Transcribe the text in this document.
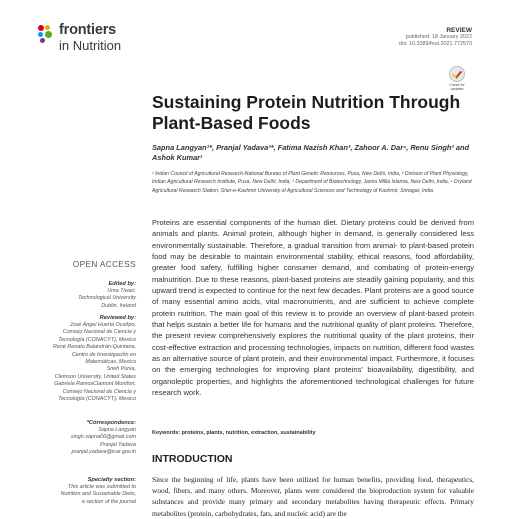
frontiers
in Nutrition
REVIEW
published: 18 January 2022
doi: 10.3389/fnut.2021.772573
Check for updates
Sustaining Protein Nutrition Through Plant-Based Foods
Sapna Langyan¹*, Pranjal Yadava²*, Fatima Nazish Khan³, Zahoor A. Dar⁴, Renu Singh² and Ashok Kumar¹
¹ Indian Council of Agricultural Research-National Bureau of Plant Genetic Resources, Pusa, New Delhi, India, ² Division of Plant Physiology, Indian Agricultural Research Institute, Pusa, New Delhi, India, ³ Department of Biotechnology, Jamia Millia Islamia, New Delhi, India, ⁴ Dryland Agricultural Research Station, Sher-e-Kashmir University of Agricultural Sciences and Technology of Kashmir, Srinagar, India
Proteins are essential components of the human diet. Dietary proteins could be derived from animals and plants. Animal protein, although higher in demand, is generally considered less environmentally sustainable. Therefore, a gradual transition from animal- to plant-based protein food may be desirable to maintain environmental stability, ethical reasons, food affordability, greater food safety, fulfilling higher consumer demand, and combating of protein-energy malnutrition. Due to these reasons, plant-based proteins are steadily gaining popularity, and this upward trend is expected to continue for the next few decades. Plant proteins are a good source of many essential amino acids, vital macronutrients, and are sufficient to achieve complete protein nutrition. The main goal of this review is to provide an overview of plant-based protein that helps sustain a better life for humans and the nutritional quality of plant proteins. Therefore, the present review comprehensively explores the nutritional quality of the plant proteins, their cost-effective extraction and processing technologies, impacts on nutrition, different food wastes as an alternative source of plant protein, and their environmental impact. Furthermore, it focuses on the emerging technologies for improving plant proteins' bioavailability, digestibility, and organoleptic properties, and highlights the aforementioned technological challenges for future research work.
Keywords: proteins, plants, nutrition, extraction, sustainability
INTRODUCTION
Since the beginning of life, plants have been utilized for human benefits, providing food, therapeutics, wood, fibers, and many others. Moreover, plants were considered the bioproduction system for valuable substances and provide many primary and secondary metabolites having therapeutic effects. Primary metabolites (protein, carbohydrates, fats, and nucleic acid) are the
OPEN ACCESS
Edited by:
Uma Tiwari,
Technological University
Dublin, Ireland
Reviewed by:
José Ángel Huerta Ocañpo,
Consejo Nacional de Ciencia y
Tecnología (CONACYT), Mexico
René Renato Balandrán-Quintana,
Centro de Investigación en
Matemáticas, Mexico
Sneh Punia,
Clemson University, United States
Gabriela RamosClamont Montfort,
Consejo Nacional de Ciencia y
Tecnología (CONACYT), Mexico
*Correspondence:
Sapna Langyan
singh.sapna06@gmail.com
Pranjal Yadava
pranjal.yadava@icar.gov.in
Specialty section:
This article was submitted to
Nutrition and Sustainable Diets,
a section of the journal
